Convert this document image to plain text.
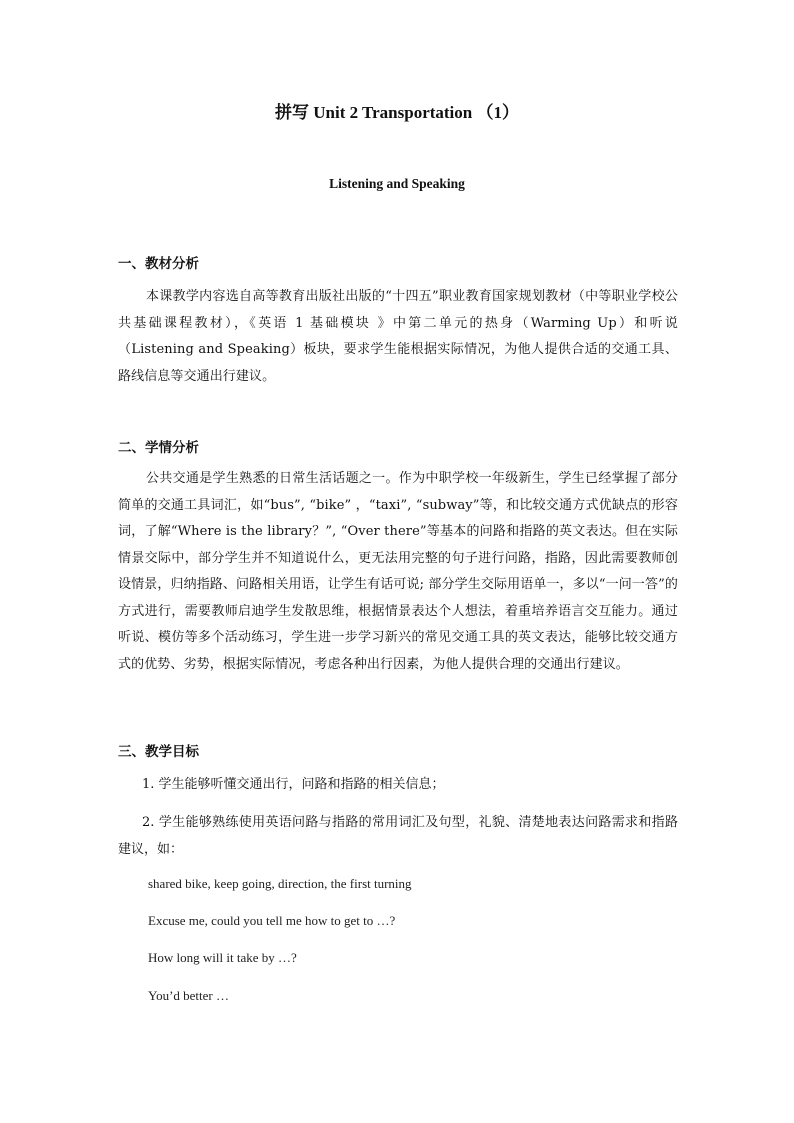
拼写 Unit 2 Transportation （1）
Listening and Speaking
一、教材分析
本课教学内容选自高等教育出版社出版的“十四五”职业教育国家规划教材（中等职业学校公共基础课程教材），《英语 1 基础模块 》中第二单元的热身（Warming Up）和听说（Listening and Speaking）板块，要求学生能根据实际情况，为他人提供合适的交通工具、路线信息等交通出行建议。
二、学情分析
公共交通是学生熟悉的日常生活话题之一。作为中职学校一年级新生，学生已经掌握了部分简单的交通工具词汇，如“bus”, “bike” ，“taxi”, “subway”等，和比较交通方式优缺点的形容词，了解“Where is the library？”, “Over there”等基本的问路和指路的英文表达。但在实际情景交际中，部分学生并不知道说什么，更无法用完整的句子进行问路，指路，因此需要教师创设情景，归纳指路、问路相关用语，让学生有话可说; 部分学生交际用语单一，多以“一问一答”的方式进行，需要教师启迪学生发散思维，根据情景表达个人想法，着重培养语言交互能力。通过听说、模仿等多个活动练习，学生进一步学习新兴的常见交通工具的英文表达，能够比较交通方式的优势、劣势，根据实际情况，考虑各种出行因素，为他人提供合理的交通出行建议。
三、教学目标
1. 学生能够听懂交通出行，问路和指路的相关信息；
2. 学生能够熟练使用英语问路与指路的常用词汇及句型，礼貌、清楚地表达问路需求和指路建议，如：
shared bike, keep going, direction, the first turning
Excuse me, could you tell me how to get to …?
How long will it take by …?
You’d better …
